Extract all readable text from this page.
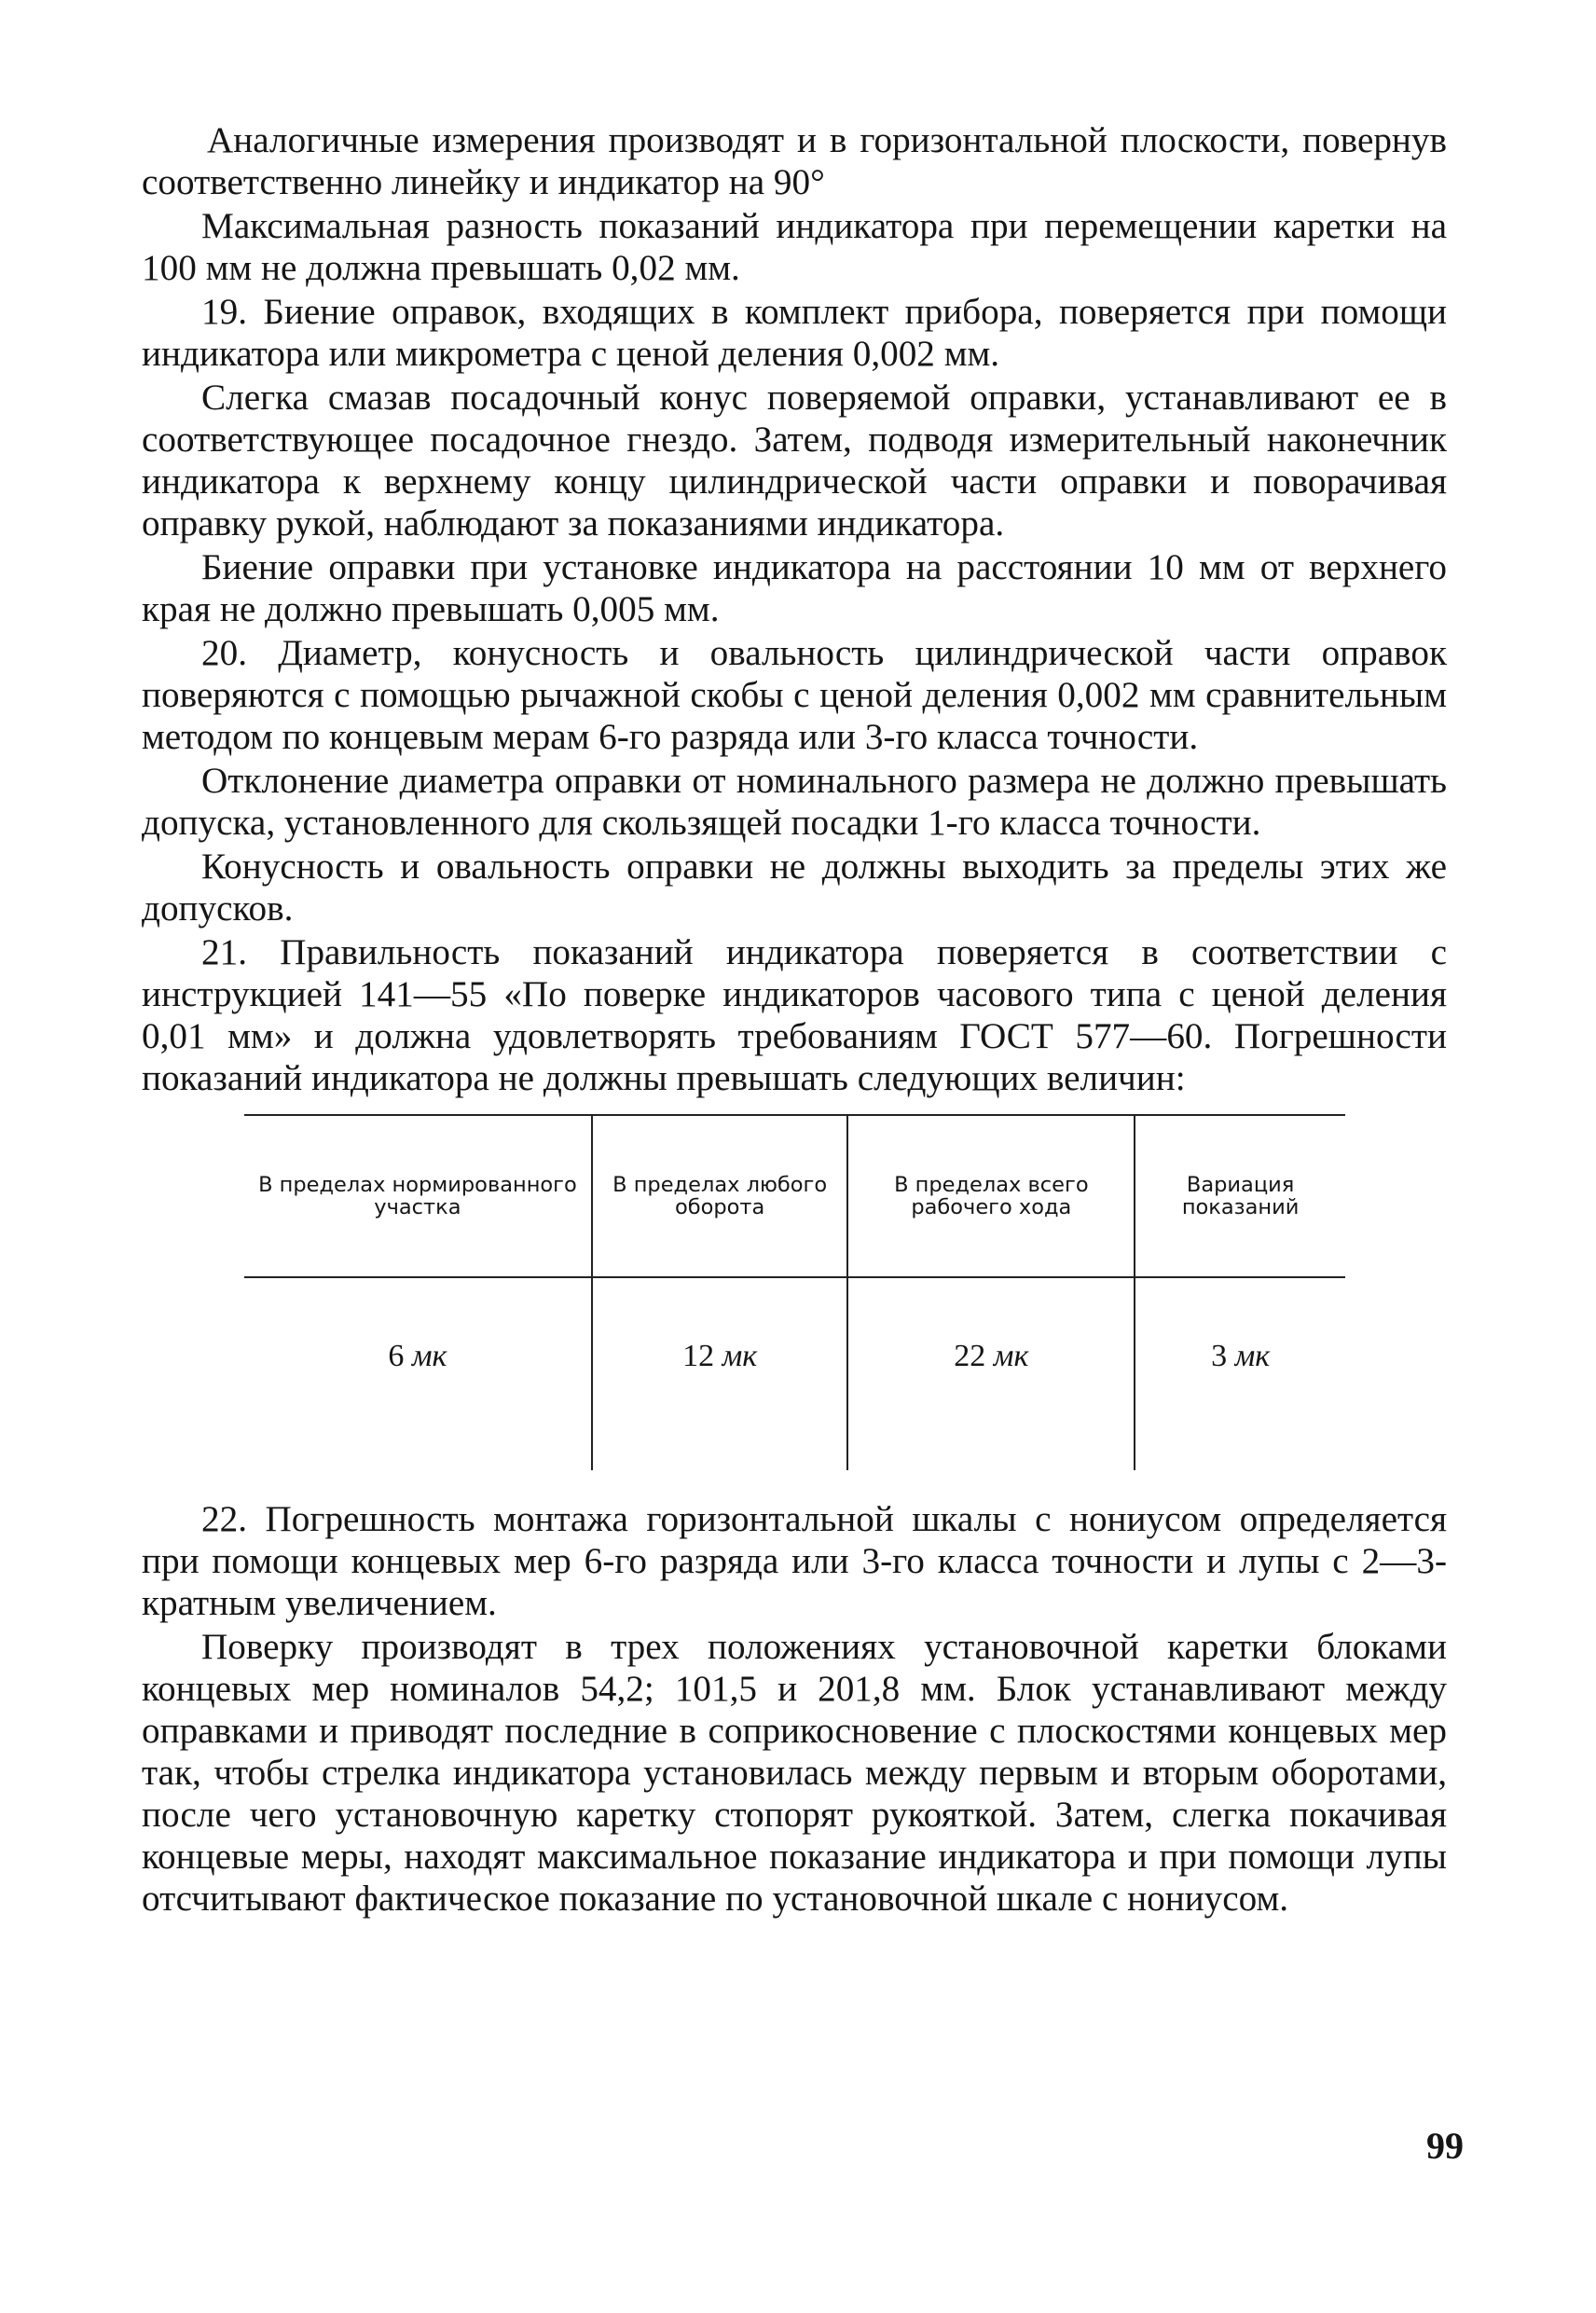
Аналогичные измерения производят и в горизонтальной плоскости, повернув соответственно линейку и индикатор на 90°

Максимальная разность показаний индикатора при перемещении каретки на 100 мм не должна превышать 0,02 мм.

19. Биение оправок, входящих в комплект прибора, поверяется при помощи индикатора или микрометра с ценой деления 0,002 мм.

Слегка смазав посадочный конус поверяемой оправки, устанавливают ее в соответствующее посадочное гнездо. Затем, подводя измерительный наконечник индикатора к верхнему концу цилиндрической части оправки и поворачивая оправку рукой, наблюдают за показаниями индикатора.

Биение оправки при установке индикатора на расстоянии 10 мм от верхнего края не должно превышать 0,005 мм.

20. Диаметр, конусность и овальность цилиндрической части оправок поверяются с помощью рычажной скобы с ценой деления 0,002 мм сравнительным методом по концевым мерам 6-го разряда или 3-го класса точности.

Отклонение диаметра оправки от номинального размера не должно превышать допуска, установленного для скользящей посадки 1-го класса точности.

Конусность и овальность оправки не должны выходить за пределы этих же допусков.

21. Правильность показаний индикатора поверяется в соответствии с инструкцией 141—55 «По поверке индикаторов часового типа с ценой деления 0,01 мм» и должна удовлетворять требованиям ГОСТ 577—60. Погрешности показаний индикатора не должны превышать следующих величин:

В пределах нормированного участка	В пределах любого оборота	В пределах всего рабочего хода	Вариация показаний
6 мк	12 мк	22 мк	3 мк

22. Погрешность монтажа горизонтальной шкалы с нониусом определяется при помощи концевых мер 6-го разряда или 3-го класса точности и лупы с 2—3-кратным увеличением.

Поверку производят в трех положениях установочной каретки блоками концевых мер номиналов 54,2; 101,5 и 201,8 мм. Блок устанавливают между оправками и приводят последние в соприкосновение с плоскостями концевых мер так, чтобы стрелка индикатора установилась между первым и вторым оборотами, после чего установочную каретку стопорят рукояткой. Затем, слегка покачивая концевые меры, находят максимальное показание индикатора и при помощи лупы отсчитывают фактическое показание по установочной шкале с нониусом.

99
